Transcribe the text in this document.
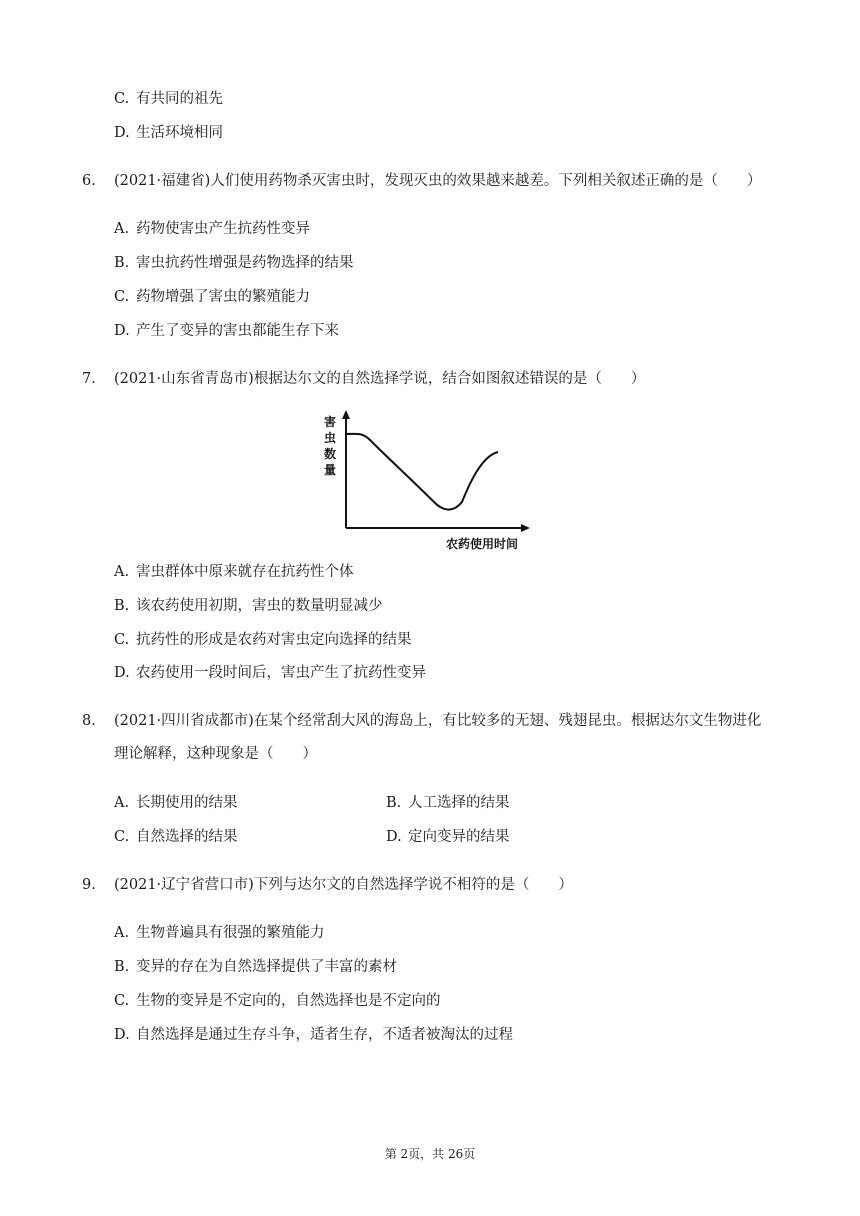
C. 有共同的祖先
D. 生活环境相同
6. (2021·福建省)人们使用药物杀灭害虫时，发现灭虫的效果越来越差。下列相关叙述正确的是（　　）
A. 药物使害虫产生抗药性变异
B. 害虫抗药性增强是药物选择的结果
C. 药物增强了害虫的繁殖能力
D. 产生了变异的害虫都能生存下来
7. (2021·山东省青岛市)根据达尔文的自然选择学说，结合如图叙述错误的是（　　）
害
虫
数
量
农药使用时间
A. 害虫群体中原来就存在抗药性个体
B. 该农药使用初期，害虫的数量明显减少
C. 抗药性的形成是农药对害虫定向选择的结果
D. 农药使用一段时间后，害虫产生了抗药性变异
8. (2021·四川省成都市)在某个经常刮大风的海岛上，有比较多的无翅、残翅昆虫。根据达尔文生物进化
理论解释，这种现象是（　　）
A. 长期使用的结果	B. 人工选择的结果
C. 自然选择的结果	D. 定向变异的结果
9. (2021·辽宁省营口市)下列与达尔文的自然选择学说不相符的是（　　）
A. 生物普遍具有很强的繁殖能力
B. 变异的存在为自然选择提供了丰富的素材
C. 生物的变异是不定向的，自然选择也是不定向的
D. 自然选择是通过生存斗争，适者生存，不适者被淘汰的过程
第 2页，共 26页
